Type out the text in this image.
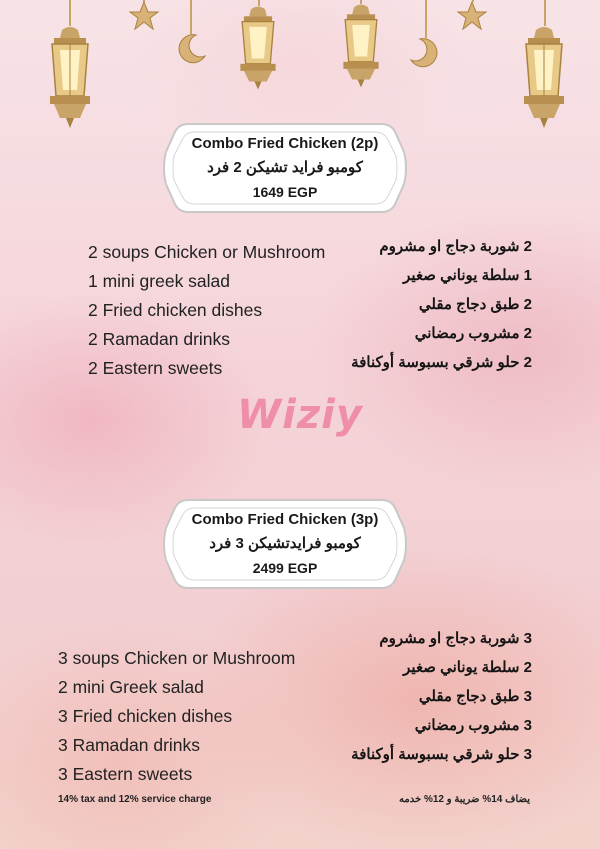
Combo Fried Chicken (2p)
كومبو فرايد تشيكن 2 فرد
1649 EGP
2 soups Chicken or Mushroom
1 mini greek salad
2 Fried chicken dishes
2 Ramadan drinks
2 Eastern sweets
2 شوربة دجاج او مشروم
1 سلطة يوناني صغير
2 طبق دجاج مقلي
2 مشروب رمضاني
2 حلو شرقي بسبوسة أوكنافة
Wiziy
Combo Fried Chicken (3p)
كومبو فرايدتشيكن 3 فرد
2499 EGP
3 soups Chicken or Mushroom
2 mini Greek salad
3 Fried chicken dishes
3 Ramadan drinks
3 Eastern sweets
3 شوربة دجاج او مشروم
2 سلطة يوناني صغير
3 طبق دجاج مقلي
3 مشروب رمضاني
3 حلو شرقي بسبوسة أوكنافة
14% tax and 12% service charge	يضاف 14% ضريبة و 12% خدمه
